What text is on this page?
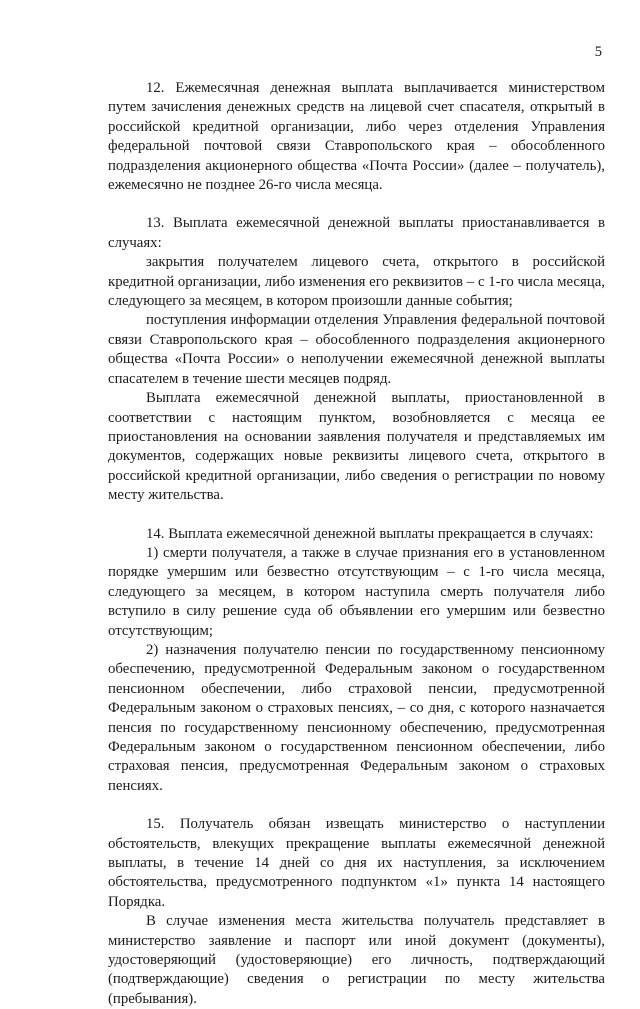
5

12. Ежемесячная денежная выплата выплачивается министерством путем зачисления денежных средств на лицевой счет спасателя, открытый в российской кредитной организации, либо через отделения Управления федеральной почтовой связи Ставропольского края – обособленного подразделения акционерного общества «Почта России» (далее – получатель), ежемесячно не позднее 26-го числа месяца.

13. Выплата ежемесячной денежной выплаты приостанавливается в случаях:

закрытия получателем лицевого счета, открытого в российской кредитной организации, либо изменения его реквизитов – с 1-го числа месяца, следующего за месяцем, в котором произошли данные события;

поступления информации отделения Управления федеральной почтовой связи Ставропольского края – обособленного подразделения акционерного общества «Почта России» о неполучении ежемесячной денежной выплаты спасателем в течение шести месяцев подряд.

Выплата ежемесячной денежной выплаты, приостановленной в соответствии с настоящим пунктом, возобновляется с месяца ее приостановления на основании заявления получателя и представляемых им документов, содержащих новые реквизиты лицевого счета, открытого в российской кредитной организации, либо сведения о регистрации по новому месту жительства.

14. Выплата ежемесячной денежной выплаты прекращается в случаях:

1) смерти получателя, а также в случае признания его в установленном порядке умершим или безвестно отсутствующим – с 1-го числа месяца, следующего за месяцем, в котором наступила смерть получателя либо вступило в силу решение суда об объявлении его умершим или безвестно отсутствующим;

2) назначения получателю пенсии по государственному пенсионному обеспечению, предусмотренной Федеральным законом о государственном пенсионном обеспечении, либо страховой пенсии, предусмотренной Федеральным законом о страховых пенсиях, – со дня, с которого назначается пенсия по государственному пенсионному обеспечению, предусмотренная Федеральным законом о государственном пенсионном обеспечении, либо страховая пенсия, предусмотренная Федеральным законом о страховых пенсиях.

15. Получатель обязан извещать министерство о наступлении обстоятельств, влекущих прекращение выплаты ежемесячной денежной выплаты, в течение 14 дней со дня их наступления, за исключением обстоятельства, предусмотренного подпунктом «1» пункта 14 настоящего Порядка.

В случае изменения места жительства получатель представляет в министерство заявление и паспорт или иной документ (документы), удостоверяющий (удостоверяющие) его личность, подтверждающий (подтверждающие) сведения о регистрации по месту жительства (пребывания).
